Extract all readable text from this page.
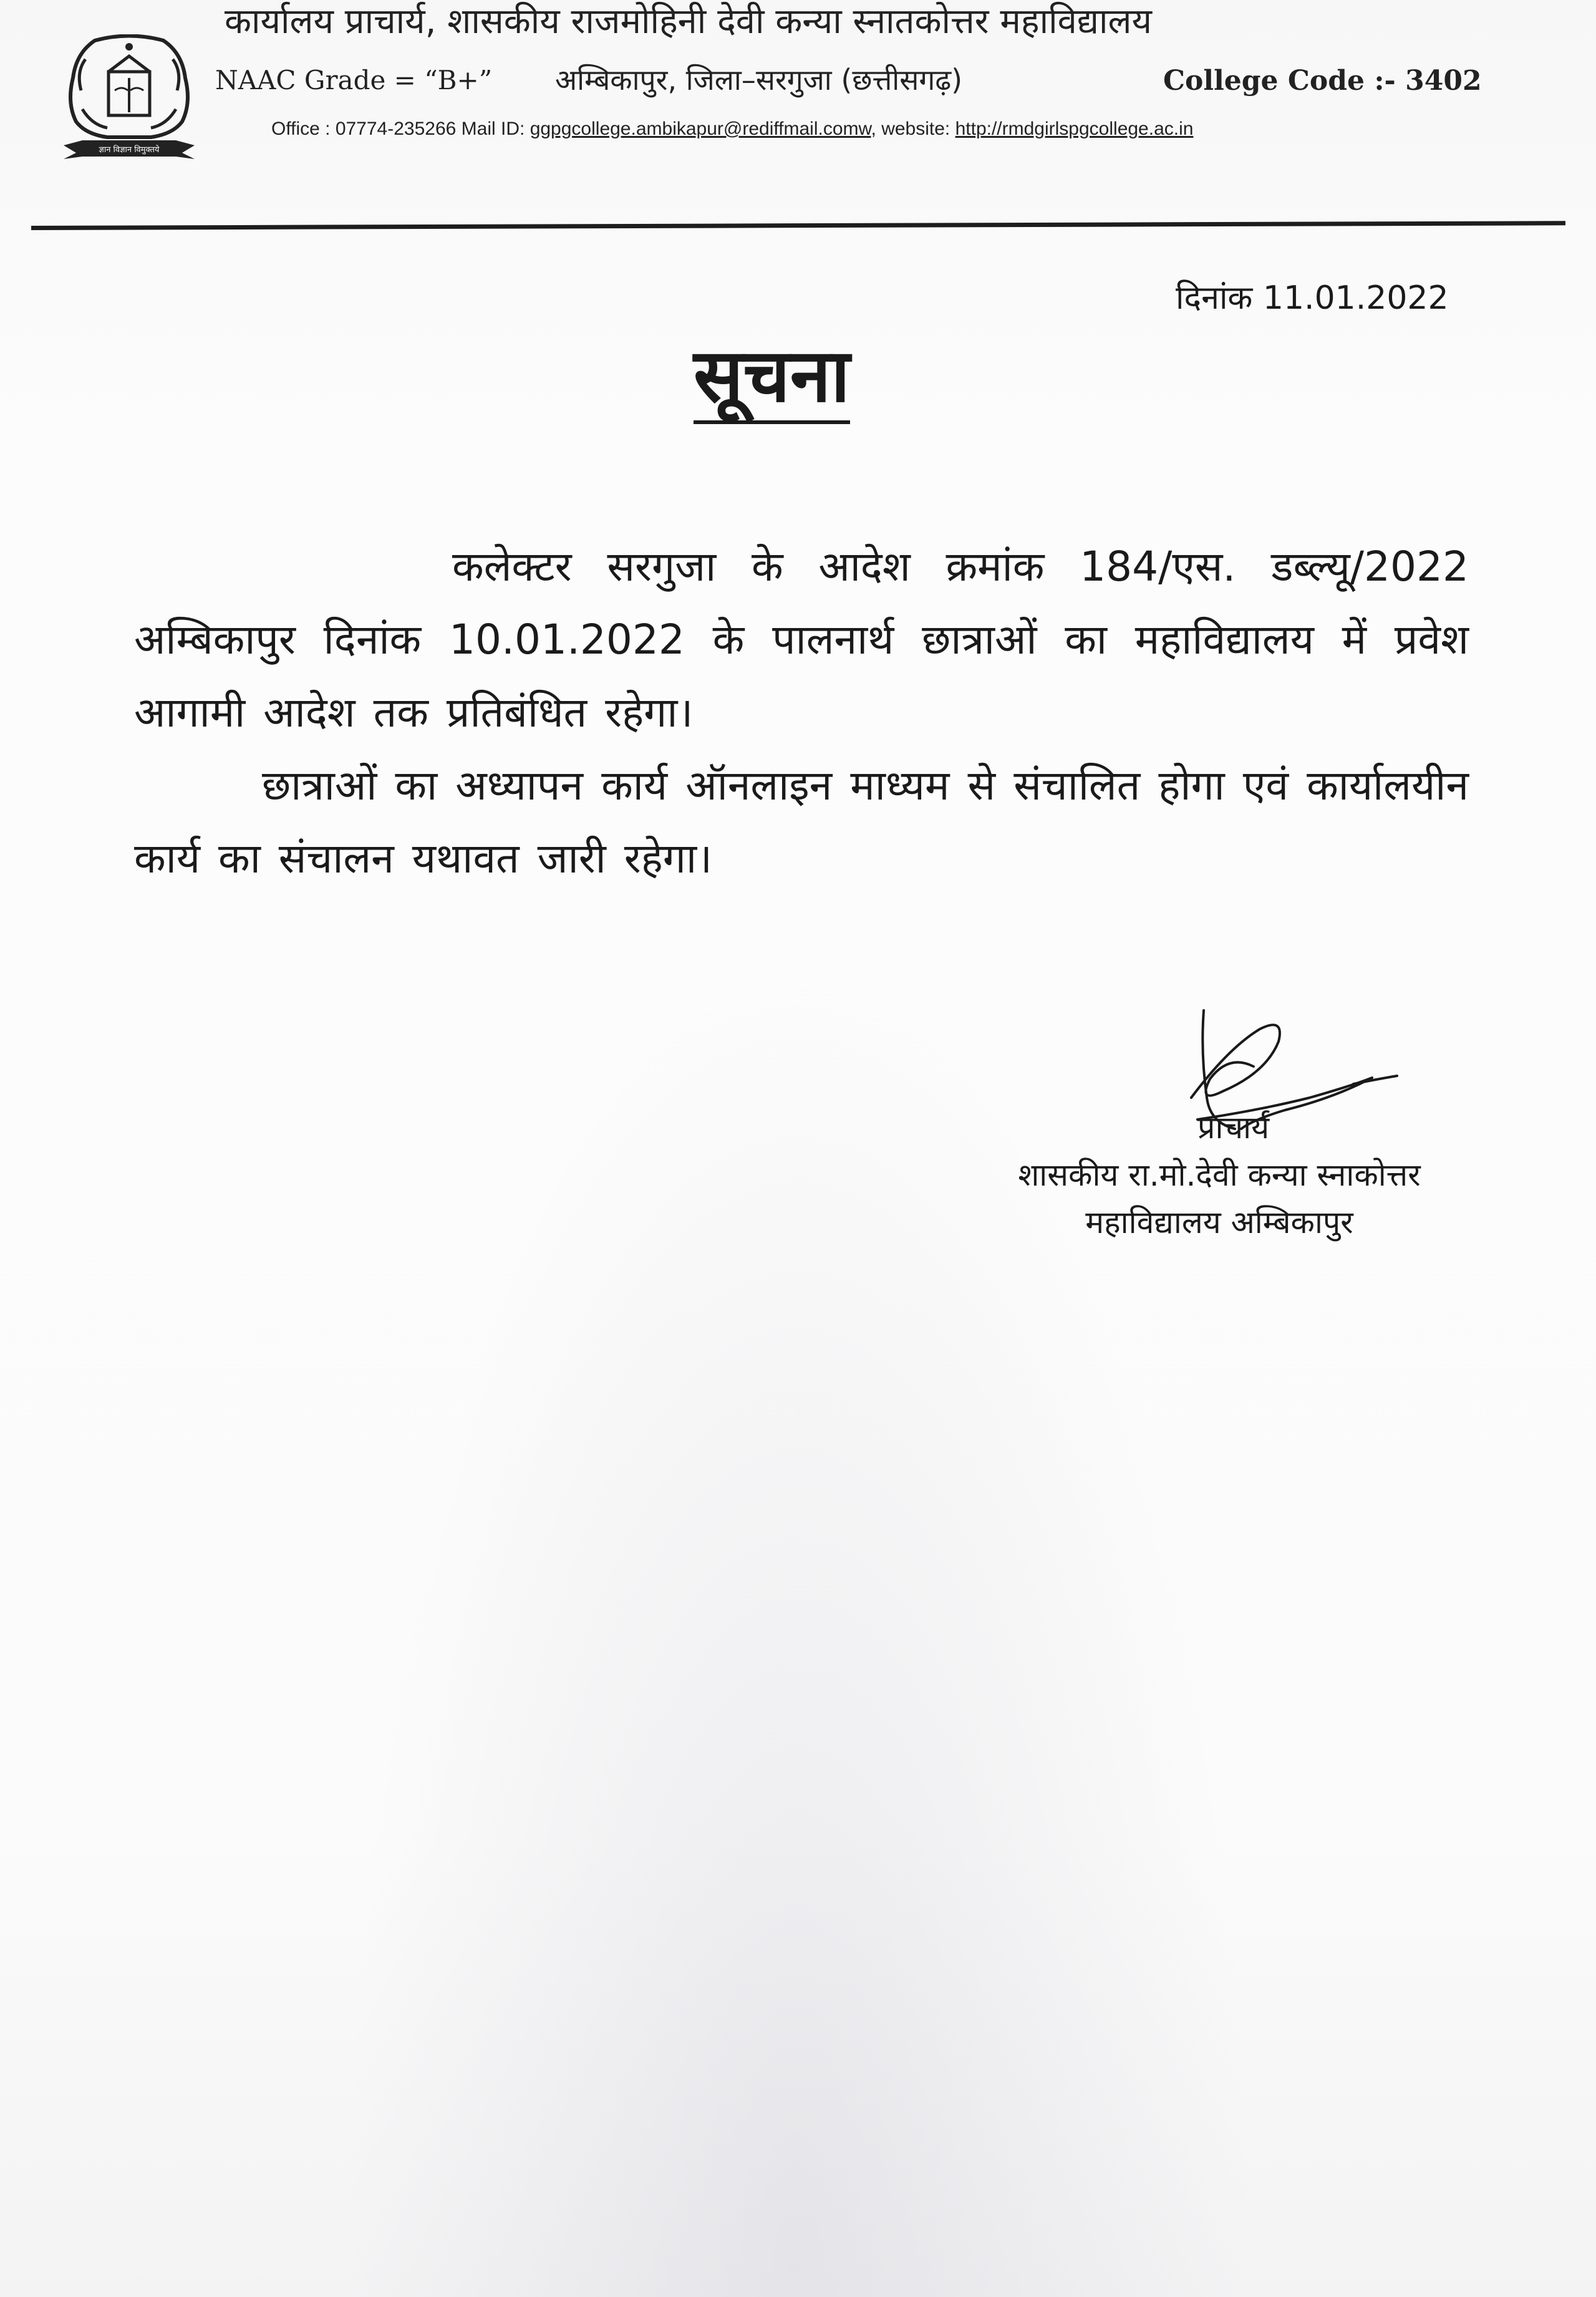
ज्ञान विज्ञान विमुक्तये
कार्यालय प्राचार्य, शासकीय राजमोहिनी देवी कन्या स्नातकोत्तर महाविद्यालय
NAAC Grade = “B+” अम्बिकापुर, जिला–सरगुजा (छत्तीसगढ़)	College Code :- 3402
Office : 07774-235266 Mail ID: ggpgcollege.ambikapur@rediffmail.comw, website: http://rmdgirlspgcollege.ac.in
दिनांक 11.01.2022
सूचना

कलेक्टर सरगुजा के आदेश क्रमांक 184/एस. डब्ल्यू/2022 अम्बिकापुर दिनांक 10.01.2022 के पालनार्थ छात्राओं का महाविद्यालय में प्रवेश आगामी आदेश तक प्रतिबंधित रहेगा।

छात्राओं का अध्यापन कार्य ऑनलाइन माध्यम से संचालित होगा एवं कार्यालयीन कार्य का संचालन यथावत जारी रहेगा।

प्राचार्य
शासकीय रा.मो.देवी कन्या स्नाकोत्तर
महाविद्यालय अम्बिकापुर
